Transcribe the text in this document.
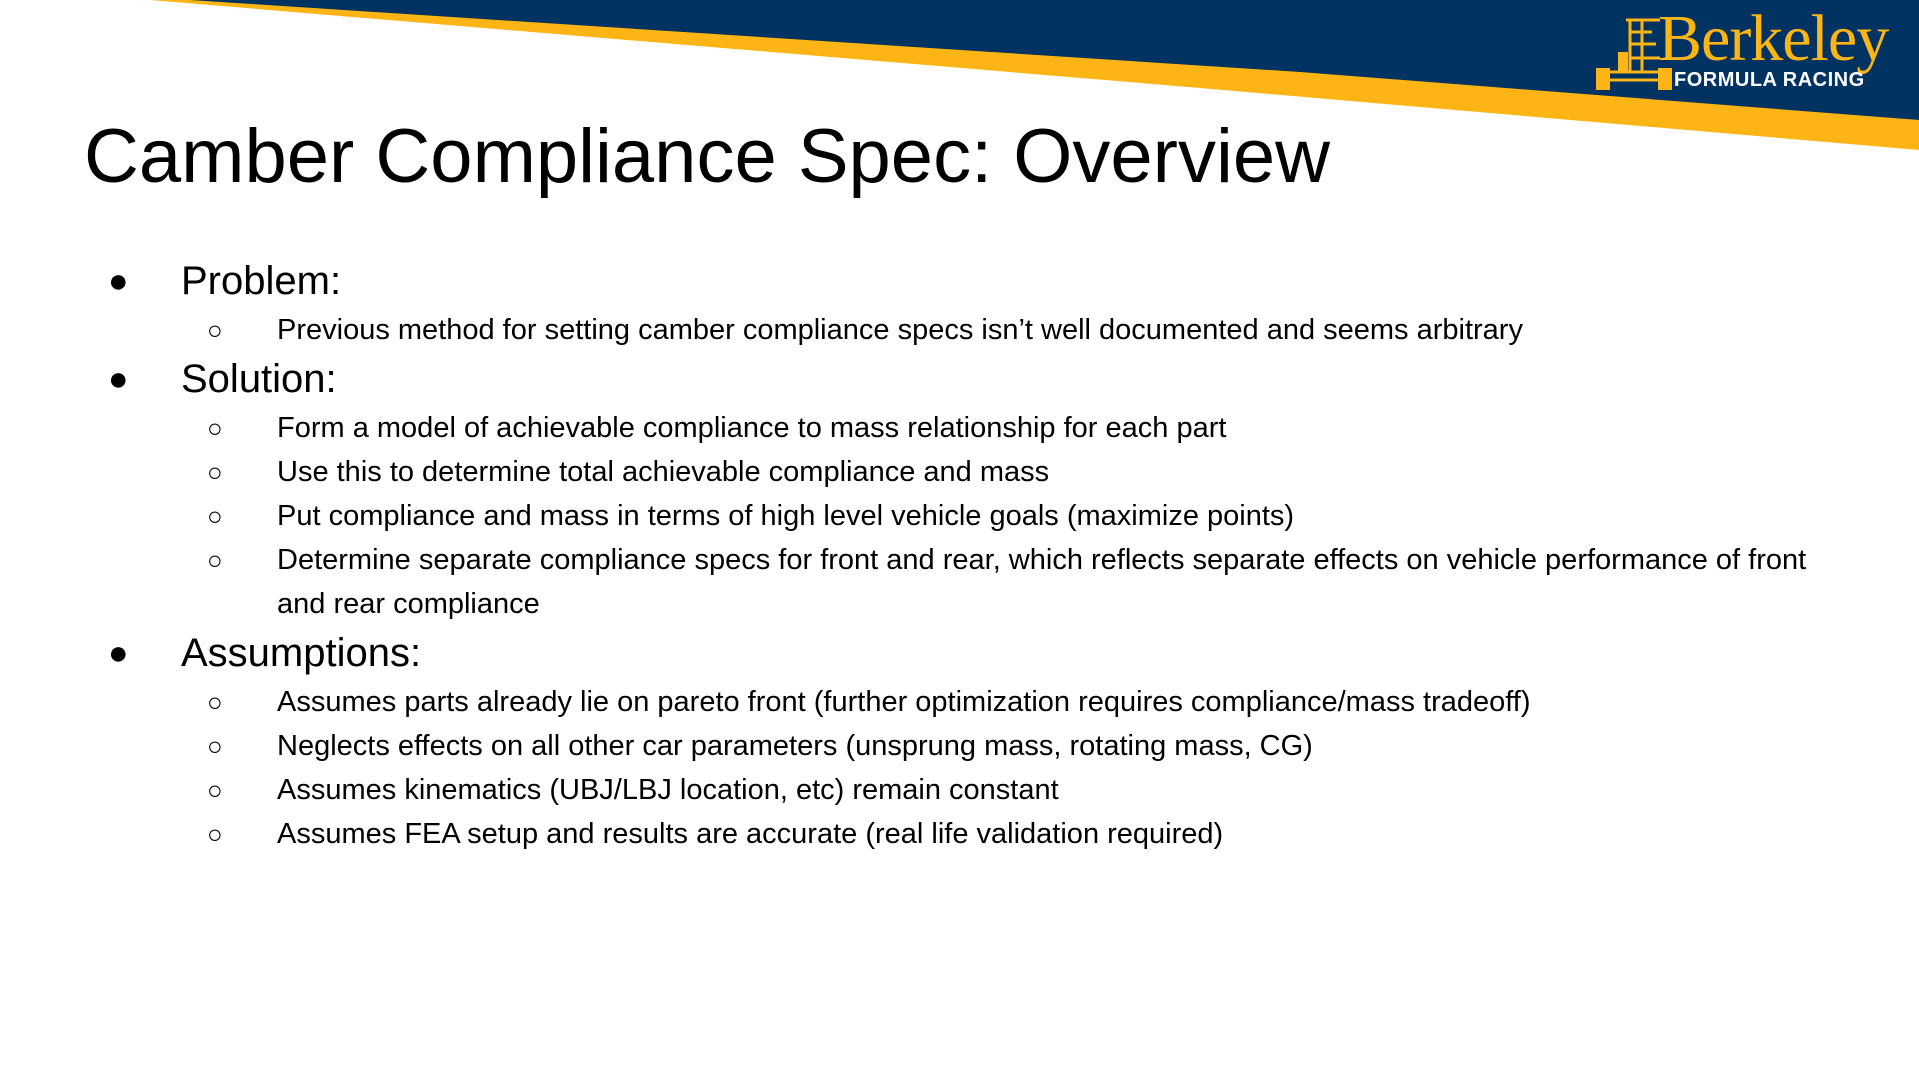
Berkeley
FORMULA RACING
Camber Compliance Spec: Overview
● Problem:
○ Previous method for setting camber compliance specs isn’t well documented and seems arbitrary
● Solution:
○ Form a model of achievable compliance to mass relationship for each part
○ Use this to determine total achievable compliance and mass
○ Put compliance and mass in terms of high level vehicle goals (maximize points)
○ Determine separate compliance specs for front and rear, which reflects separate effects on vehicle performance of front and rear compliance
● Assumptions:
○ Assumes parts already lie on pareto front (further optimization requires compliance/mass tradeoff)
○ Neglects effects on all other car parameters (unsprung mass, rotating mass, CG)
○ Assumes kinematics (UBJ/LBJ location, etc) remain constant
○ Assumes FEA setup and results are accurate (real life validation required)
